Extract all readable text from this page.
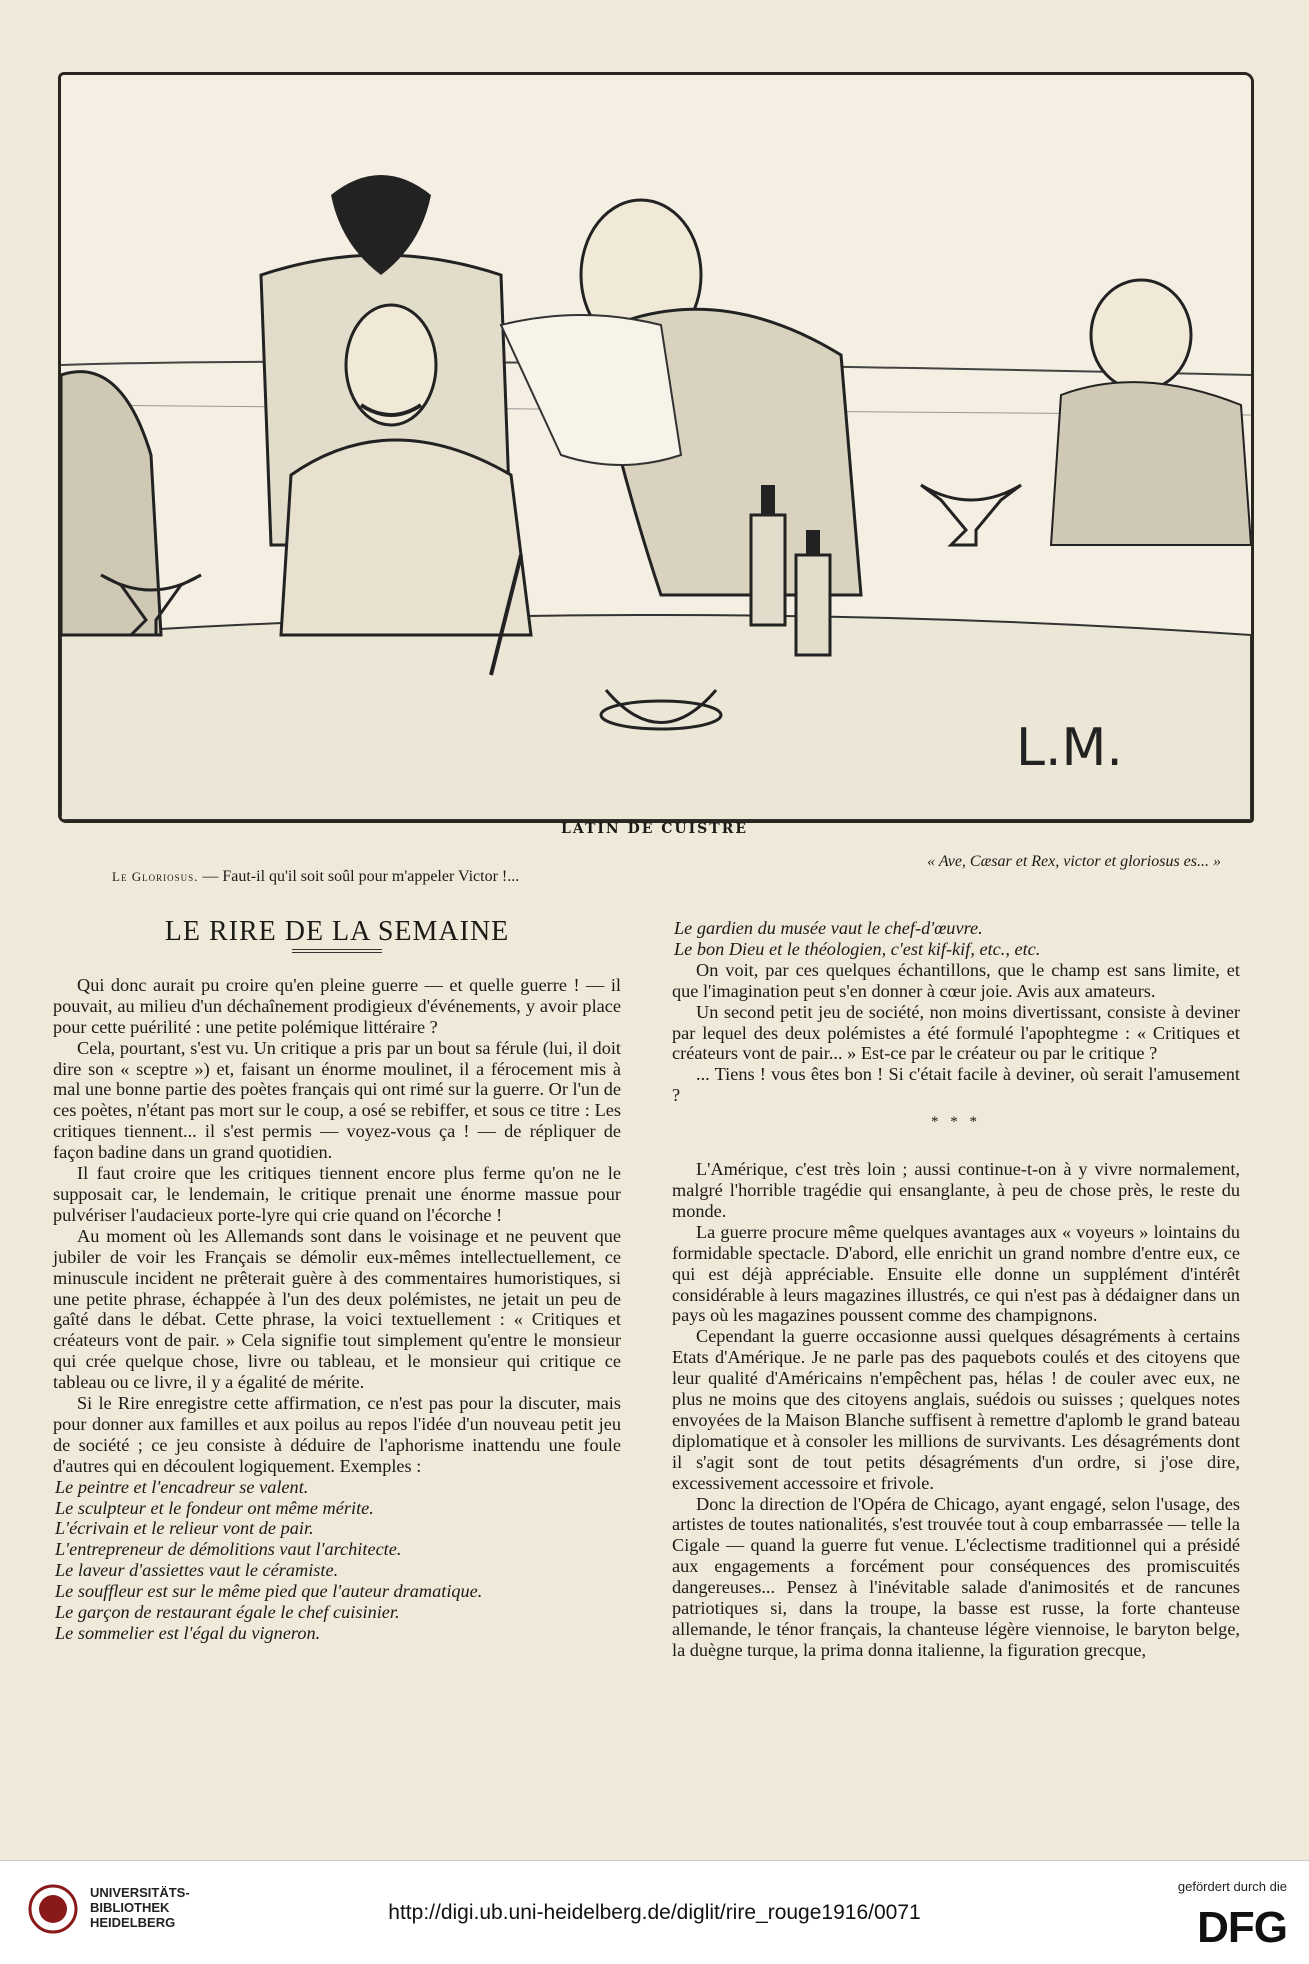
L.M.
LATIN DE CUISTRE
« Ave, Cæsar et Rex, victor et gloriosus es... »
Le Gloriosus. — Faut-il qu'il soit soûl pour m'appeler Victor !...
LE RIRE DE LA SEMAINE

Qui donc aurait pu croire qu'en pleine guerre — et quelle guerre ! — il pouvait, au milieu d'un déchaînement prodigieux d'événements, y avoir place pour cette puérilité : une petite polémique littéraire ?

Cela, pourtant, s'est vu. Un critique a pris par un bout sa férule (lui, il doit dire son « sceptre ») et, faisant un énorme moulinet, il a férocement mis à mal une bonne partie des poètes français qui ont rimé sur la guerre. Or l'un de ces poètes, n'étant pas mort sur le coup, a osé se rebiffer, et sous ce titre : Les critiques tiennent... il s'est permis — voyez-vous ça ! — de répliquer de façon badine dans un grand quotidien.

Il faut croire que les critiques tiennent encore plus ferme qu'on ne le supposait car, le lendemain, le critique prenait une énorme massue pour pulvériser l'audacieux porte-lyre qui crie quand on l'écorche !

Au moment où les Allemands sont dans le voisinage et ne peuvent que jubiler de voir les Français se démolir eux-mêmes intellectuellement, ce minuscule incident ne prêterait guère à des commentaires humoristiques, si une petite phrase, échappée à l'un des deux polémistes, ne jetait un peu de gaîté dans le débat. Cette phrase, la voici textuellement : « Critiques et créateurs vont de pair. » Cela signifie tout simplement qu'entre le monsieur qui crée quelque chose, livre ou tableau, et le monsieur qui critique ce tableau ou ce livre, il y a égalité de mérite.

Si le Rire enregistre cette affirmation, ce n'est pas pour la discuter, mais pour donner aux familles et aux poilus au repos l'idée d'un nouveau petit jeu de société ; ce jeu consiste à déduire de l'aphorisme inattendu une foule d'autres qui en découlent logiquement. Exemples :

Le peintre et l'encadreur se valent.

Le sculpteur et le fondeur ont même mérite.

L'écrivain et le relieur vont de pair.

L'entrepreneur de démolitions vaut l'architecte.

Le laveur d'assiettes vaut le céramiste.

Le souffleur est sur le même pied que l'auteur dramatique.

Le garçon de restaurant égale le chef cuisinier.

Le sommelier est l'égal du vigneron.

Le gardien du musée vaut le chef-d'œuvre.

Le bon Dieu et le théologien, c'est kif-kif, etc., etc.

On voit, par ces quelques échantillons, que le champ est sans limite, et que l'imagination peut s'en donner à cœur joie. Avis aux amateurs.

Un second petit jeu de société, non moins divertissant, consiste à deviner par lequel des deux polémistes a été formulé l'apophtegme : « Critiques et créateurs vont de pair... » Est-ce par le créateur ou par le critique ?

... Tiens ! vous êtes bon ! Si c'était facile à deviner, où serait l'amusement ?

* * *

L'Amérique, c'est très loin ; aussi continue-t-on à y vivre normalement, malgré l'horrible tragédie qui ensanglante, à peu de chose près, le reste du monde.

La guerre procure même quelques avantages aux « voyeurs » lointains du formidable spectacle. D'abord, elle enrichit un grand nombre d'entre eux, ce qui est déjà appréciable. Ensuite elle donne un supplément d'intérêt considérable à leurs magazines illustrés, ce qui n'est pas à dédaigner dans un pays où les magazines poussent comme des champignons.

Cependant la guerre occasionne aussi quelques désagréments à certains Etats d'Amérique. Je ne parle pas des paquebots coulés et des citoyens que leur qualité d'Américains n'empêchent pas, hélas ! de couler avec eux, ne plus ne moins que des citoyens anglais, suédois ou suisses ; quelques notes envoyées de la Maison Blanche suffisent à remettre d'aplomb le grand bateau diplomatique et à consoler les millions de survivants. Les désagréments dont il s'agit sont de tout petits désagréments d'un ordre, si j'ose dire, excessivement accessoire et frivole.

Donc la direction de l'Opéra de Chicago, ayant engagé, selon l'usage, des artistes de toutes nationalités, s'est trouvée tout à coup embarrassée — telle la Cigale — quand la guerre fut venue. L'éclectisme traditionnel qui a présidé aux engagements a forcément pour conséquences des promiscuités dangereuses... Pensez à l'inévitable salade d'animosités et de rancunes patriotiques si, dans la troupe, la basse est russe, la forte chanteuse allemande, le ténor français, la chanteuse légère viennoise, le baryton belge, la duègne turque, la prima donna italienne, la figuration grecque,

UNIVERSITÄTS-
BIBLIOTHEK
HEIDELBERG	http://digi.ub.uni-heidelberg.de/diglit/rire_rouge1916/0071
gefördert durch die
DFG
